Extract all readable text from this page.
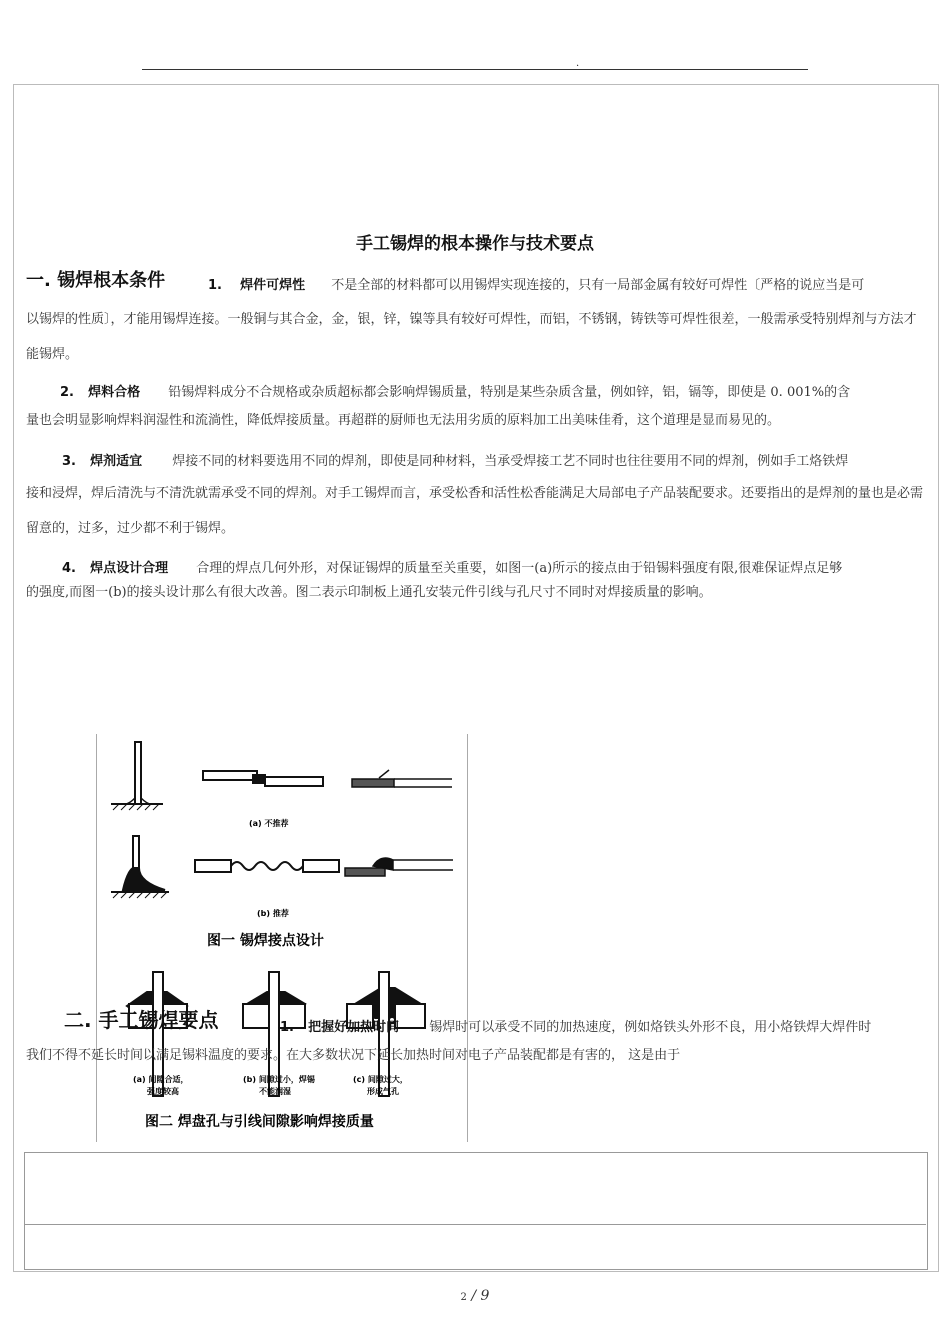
.
手工锡焊的根本操作与技术要点
一. 锡焊根本条件	1. 焊件可焊性 不是全部的材料都可以用锡焊实现连接的，只有一局部金属有较好可焊性〔严格的说应当是可
以锡焊的性质〕，才能用锡焊连接。一般铜与其合金，金，银，锌，镍等具有较好可焊性，而铝，不锈钢，铸铁等可焊性很差，一般需承受特别焊剂与方法才能锡焊。
2. 焊料合格 铅锡焊料成分不合规格或杂质超标都会影响焊锡质量，特别是某些杂质含量，例如锌，铝，镉等，即使是 0. 001%的含
量也会明显影响焊料润湿性和流淌性，降低焊接质量。再超群的厨师也无法用劣质的原料加工出美味佳肴，这个道理是显而易见的。
3. 焊剂适宜 焊接不同的材料要选用不同的焊剂，即使是同种材料，当承受焊接工艺不同时也往往要用不同的焊剂，例如手工烙铁焊
接和浸焊，焊后清洗与不清洗就需承受不同的焊剂。对手工锡焊而言，承受松香和活性松香能满足大局部电子产品装配要求。还要指出的是焊剂的量也是必需留意的，过多，过少都不利于锡焊。
4. 焊点设计合理 合理的焊点几何外形，对保证锡焊的质量至关重要，如图一(a)所示的接点由于铅锡料强度有限,很难保证焊点足够
的强度,而图一(b)的接头设计那么有很大改善。图二表示印制板上通孔安装元件引线与孔尺寸不同时对焊接质量的影响。
(a) 不推荐
(b) 推荐
图一 锡焊接点设计
(a) 间隙合适，
强度较高
(b) 间隙过小，焊锡
不能润湿
(c) 间隙过大，
形成气孔
图二 焊盘孔与引线间隙影响焊接质量
二. 手工锡焊要点	1. 把握好加热时间 锡焊时可以承受不同的加热速度，例如烙铁头外形不良，用小烙铁焊大焊件时
我们不得不延长时间以满足锡料温度的要求。在大多数状况下延长加热时间对电子产品装配都是有害的， 这是由于
2 / 9
